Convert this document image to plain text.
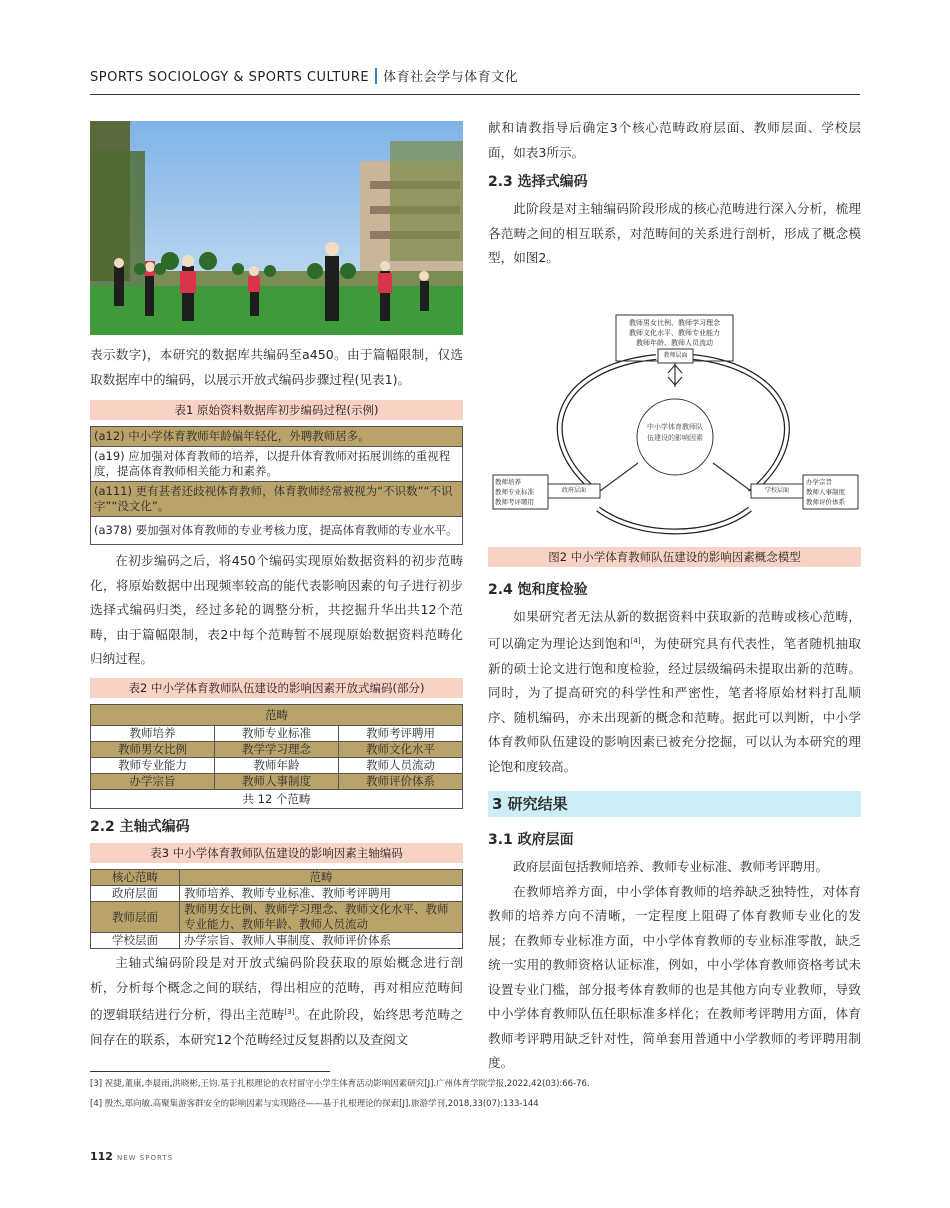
SPORTS SOCIOLOGY & SPORTS CULTURE 体育社会学与体育文化

表示数字)，本研究的数据库共编码至a450。由于篇幅限制，仅选取数据库中的编码，以展示开放式编码步骤过程(见表1)。

表1 原始资料数据库初步编码过程(示例)
(a12) 中小学体育教师年龄偏年轻化，外聘教师居多。
(a19) 应加强对体育教师的培养，以提升体育教师对拓展训练的重视程度，提高体育教师相关能力和素养。
(a111) 更有甚者还歧视体育教师，体育教师经常被视为“不识数”“不识字”“没文化”。
(a378) 要加强对体育教师的专业考核力度，提高体育教师的专业水平。

在初步编码之后，将450个编码实现原始数据资料的初步范畴化，将原始数据中出现频率较高的能代表影响因素的句子进行初步选择式编码归类，经过多轮的调整分析，共挖掘升华出共12个范畴，由于篇幅限制，表2中每个范畴暂不展现原始数据资料范畴化归纳过程。

表2 中小学体育教师队伍建设的影响因素开放式编码(部分)
范畴		
教师培养	教师专业标准	教师考评聘用
教师男女比例	教学学习理念	教师文化水平
教师专业能力	教师年龄	教师人员流动
办学宗旨	教师人事制度	教师评价体系
共 12 个范畴		
2.2 主轴式编码
表3 中小学体育教师队伍建设的影响因素主轴编码
核心范畴	范畴
政府层面	教师培养、教师专业标准、教师考评聘用
教师层面	教师男女比例、教师学习理念、教师文化水平、教师专业能力、教师年龄、教师人员流动
学校层面	办学宗旨、教师人事制度、教师评价体系

主轴式编码阶段是对开放式编码阶段获取的原始概念进行剖析，分析每个概念之间的联结，得出相应的范畴，再对相应范畴间的逻辑联结进行分析，得出主范畴[3]。在此阶段，始终思考范畴之间存在的联系，本研究12个范畴经过反复斟酌以及查阅文

献和请教指导后确定3个核心范畴政府层面、教师层面、学校层面，如表3所示。

2.3 选择式编码

此阶段是对主轴编码阶段形成的核心范畴进行深入分析，梳理各范畴之间的相互联系，对范畴间的关系进行剖析，形成了概念模型，如图2。

教师男女比例、教师学习理念
教师文化水平、教师专业能力
教师年龄、教师人员流动
教师层面
中小学体育教师队
伍建设的影响因素
政府层面	学校层面
教师培养
教师专业标准
教师考评聘用
办学宗旨
教师人事制度
教师评价体系
图2 中小学体育教师队伍建设的影响因素概念模型
2.4 饱和度检验

如果研究者无法从新的数据资料中获取新的范畴或核心范畴，可以确定为理论达到饱和[4]，为使研究具有代表性，笔者随机抽取新的硕士论文进行饱和度检验，经过层级编码未提取出新的范畴。同时，为了提高研究的科学性和严密性，笔者将原始材料打乱顺序、随机编码，亦未出现新的概念和范畴。据此可以判断，中小学体育教师队伍建设的影响因素已被充分挖掘，可以认为本研究的理论饱和度较高。

3 研究结果
3.1 政府层面

政府层面包括教师培养、教师专业标准、教师考评聘用。

在教师培养方面，中小学体育教师的培养缺乏独特性，对体育教师的培养方向不清晰，一定程度上阻碍了体育教师专业化的发展；在教师专业标准方面，中小学体育教师的专业标准零散，缺乏统一实用的教师资格认证标准，例如，中小学体育教师资格考试未设置专业门槛，部分报考体育教师的也是其他方向专业教师，导致中小学体育教师队伍任职标准多样化；在教师考评聘用方面，体育教师考评聘用缺乏针对性，简单套用普通中小学教师的考评聘用制度。

[3] 祝捷,董康,李晨雨,洪晓彬,王钧.基于扎根理论的农村留守小学生体育活动影响因素研究[J].广州体育学院学报,2022,42(03):66-76.
[4] 殷杰,郑向敏.高聚集游客群安全的影响因素与实现路径——基于扎根理论的探索[J].旅游学刊,2018,33(07):133-144
112 NEW SPORTS
